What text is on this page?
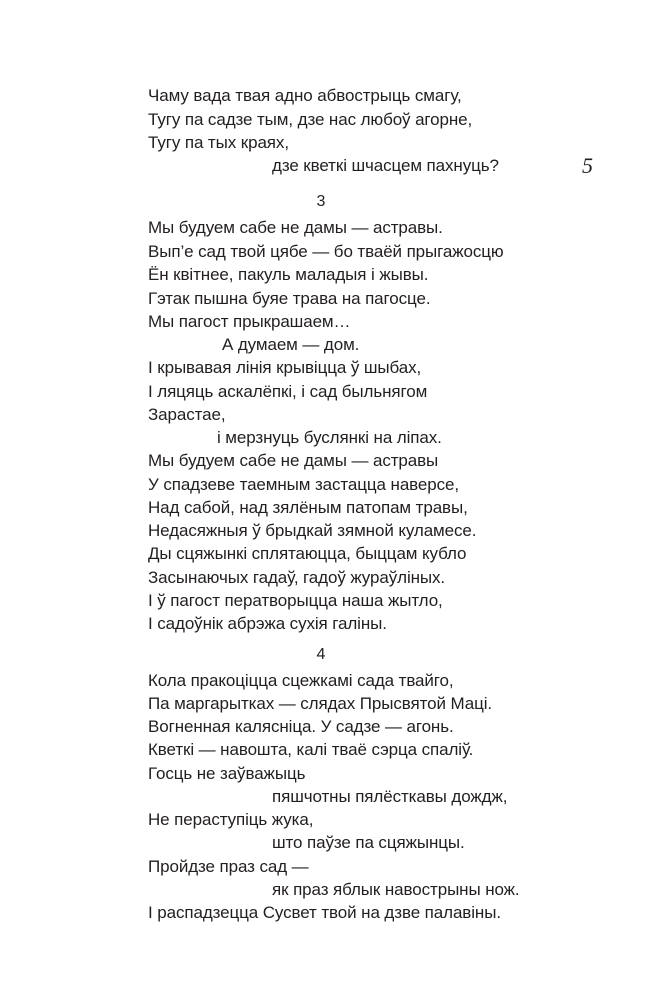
Чаму вада твая адно абвострыць смагу,
Тугу па садзе тым, дзе нас любоў агорне,
Тугу па тых краях,
дзе кветкі шчасцем пахнуць?	5
3
Мы будуем сабе не дамы — астравы.
Вып’е сад твой цябе — бо тваёй прыгажосцю
Ён квітнее, пакуль маладыя і жывы.
Гэтак пышна буяе трава на пагосце.
Мы пагост прыкрашаем…
А думаем — дом.
І крывавая лінія крывіцца ў шыбах,
І ляцяць аскалёпкі, і сад быльнягом
Зарастае,
і мерзнуць буслянкі на ліпах.
Мы будуем сабе не дамы — астравы
У спадзеве таемным застацца наверсе,
Над сабой, над зялёным патопам травы,
Недасяжныя ў брыдкай зямной куламесе.
Ды сцяжынкі сплятаюцца, быццам кубло
Засынаючых гадаў, гадоў жураўліных.
І ў пагост ператворыцца наша жытло,
І садоўнік абрэжа сухія галіны.
4
Кола пракоціцца сцежкамі сада твайго,
Па маргарытках — слядах Прысвятой Маці.
Вогненная калясніца. У садзе — агонь.
Кветкі — навошта, калі тваё сэрца спаліў.
Госць не заўважыць
пяшчотны пялёсткавы дождж,
Не пераступіць жука,
што паўзе па сцяжынцы.
Пройдзе праз сад —
як праз яблык навострыны нож.
І распадзецца Сусвет твой на дзве палавіны.
